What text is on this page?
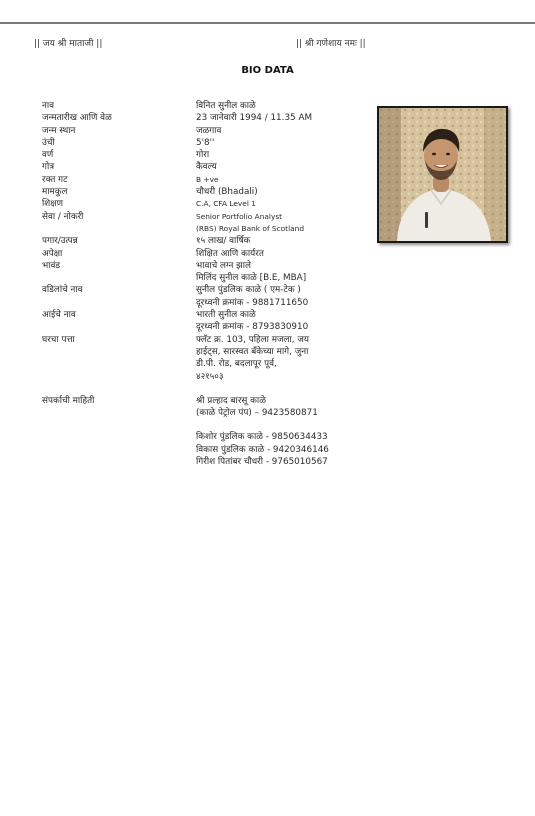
|| जय श्री माताजी ||	|| श्री गणेशाय नमः ||
BIO DATA
नाव	विनित सुनील काळे
जन्मतारीख आणि वेळ	23 जानेवारी 1994 / 11.35 AM
जन्म स्थान	जळगाव
उंची	5'8''
वर्ण	गोरा
गोत्र	कैवल्य
रक्त गट	B +ve
मामकुल	चौधरी (Bhadali)
शिक्षण	C.A, CFA Level 1
सेवा / नोकरी	Senior Portfolio Analyst
(RBS) Royal Bank of Scotland
पगार/उत्पन्न	१५ लाख/ वार्षिक
अपेक्षा	शिक्षित आणि कार्यरत
भावंड	भावाचे लग्न झाले
मिलिंद सुनील काळे [B.E, MBA]
वडिलांचे नाव	सुनील पुंडलिक काळे ( एम-टेक )
दूरध्वनी क्रमांक - 9881711650
आईचे नाव	भारती सुनील काळे
दूरध्वनी क्रमांक - 8793830910
घरचा पत्ता	फ्लॅट क्र. 103, पहिला मजला, जय
हाईट्स, सारस्वत बँकेच्या मागे, जुना
डी.पी. रोड, बदलापूर पूर्व,
४२१५०३
संपर्काची माहिती	श्री प्रल्हाद बारसू काळे
(काळे पेट्रोल पंप) – 9423580871
किशोर पुंडलिक काळे - 9850634433
विकास पुंडलिक काळे - 9420346146
गिरीश पितांबर चौधरी - 9765010567
